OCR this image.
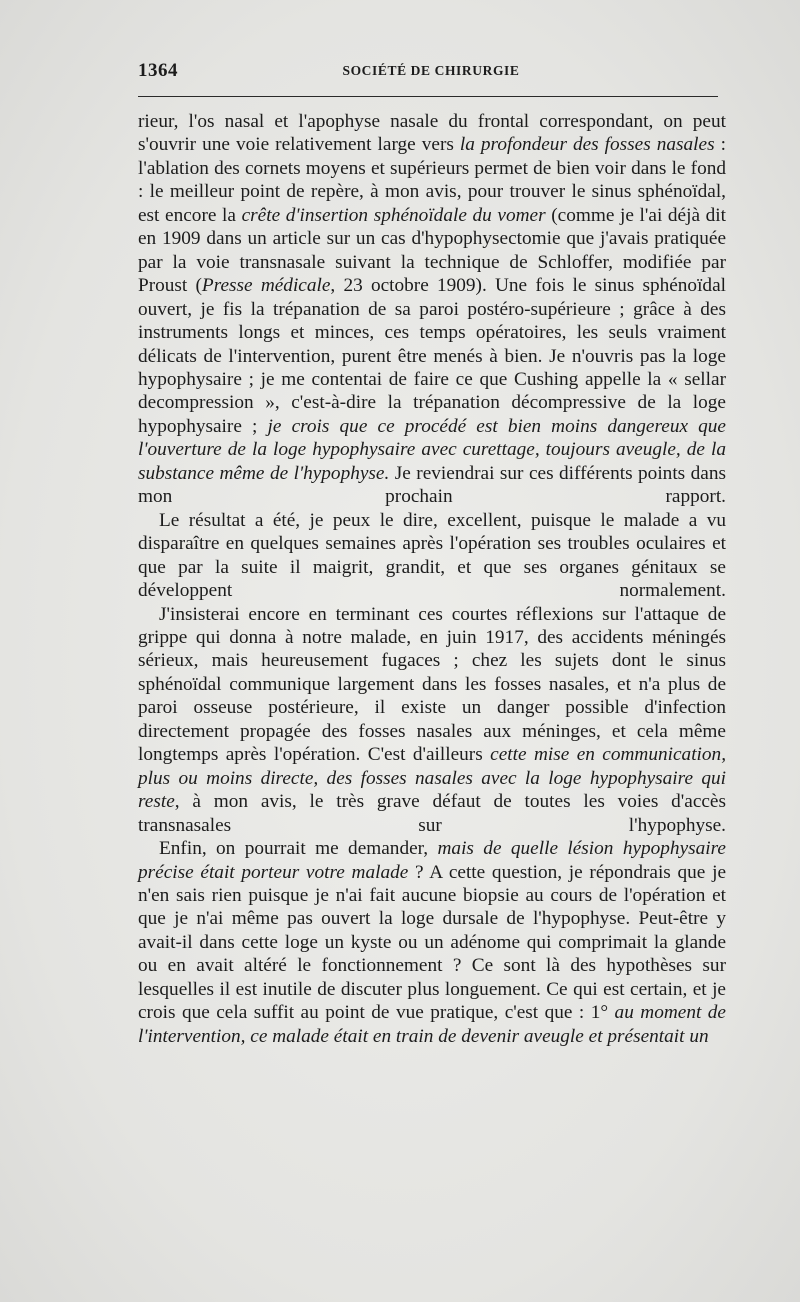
1364	SOCIÉTÉ DE CHIRURGIE

rieur, l'os nasal et l'apophyse nasale du frontal correspondant, on peut s'ouvrir une voie relativement large vers la profondeur des fosses nasales : l'ablation des cornets moyens et supérieurs permet de bien voir dans le fond : le meilleur point de repère, à mon avis, pour trouver le sinus sphénoïdal, est encore la crête d'insertion sphénoïdale du vomer (comme je l'ai déjà dit en 1909 dans un article sur un cas d'hypophysectomie que j'avais pratiquée par la voie transnasale suivant la technique de Schloffer, modifiée par Proust (Presse médicale, 23 octobre 1909). Une fois le sinus sphénoïdal ouvert, je fis la trépanation de sa paroi postéro-supérieure ; grâce à des instruments longs et minces, ces temps opératoires, les seuls vraiment délicats de l'intervention, purent être menés à bien. Je n'ouvris pas la loge hypophysaire ; je me contentai de faire ce que Cushing appelle la « sellar decompression », c'est-à-dire la trépanation décompressive de la loge hypophysaire ; je crois que ce procédé est bien moins dangereux que l'ouverture de la loge hypophysaire avec curettage, toujours aveugle, de la substance même de l'hypophyse. Je reviendrai sur ces différents points dans mon prochain rapport.

Le résultat a été, je peux le dire, excellent, puisque le malade a vu disparaître en quelques semaines après l'opération ses troubles oculaires et que par la suite il maigrit, grandit, et que ses organes génitaux se développent normalement.

J'insisterai encore en terminant ces courtes réflexions sur l'attaque de grippe qui donna à notre malade, en juin 1917, des accidents méningés sérieux, mais heureusement fugaces ; chez les sujets dont le sinus sphénoïdal communique largement dans les fosses nasales, et n'a plus de paroi osseuse postérieure, il existe un danger possible d'infection directement propagée des fosses nasales aux méninges, et cela même longtemps après l'opération. C'est d'ailleurs cette mise en communication, plus ou moins directe, des fosses nasales avec la loge hypophysaire qui reste, à mon avis, le très grave défaut de toutes les voies d'accès transnasales sur l'hypophyse.

Enfin, on pourrait me demander, mais de quelle lésion hypophysaire précise était porteur votre malade ? A cette question, je répondrais que je n'en sais rien puisque je n'ai fait aucune biopsie au cours de l'opération et que je n'ai même pas ouvert la loge dursale de l'hypophyse. Peut-être y avait-il dans cette loge un kyste ou un adénome qui comprimait la glande ou en avait altéré le fonctionnement ? Ce sont là des hypothèses sur lesquelles il est inutile de discuter plus longuement. Ce qui est certain, et je crois que cela suffit au point de vue pratique, c'est que : 1° au moment de l'intervention, ce malade était en train de devenir aveugle et présentait un
